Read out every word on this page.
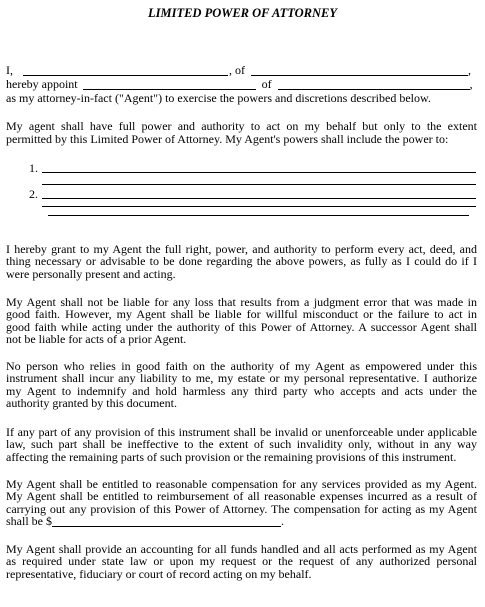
LIMITED POWER OF ATTORNEY
I,	, of	,
hereby appoint	of	,
as my attorney-in-fact ("Agent") to exercise the powers and discretions described below.
My agent shall have full power and authority to act on my behalf but only to the extent
permitted by this Limited Power of Attorney. My Agent's powers shall include the power to:
1.
2.
I hereby grant to my Agent the full right, power, and authority to perform every act, deed, and
thing necessary or advisable to be done regarding the above powers, as fully as I could do if I
were personally present and acting.
My Agent shall not be liable for any loss that results from a judgment error that was made in
good faith. However, my Agent shall be liable for willful misconduct or the failure to act in
good faith while acting under the authority of this Power of Attorney. A successor Agent shall
not be liable for acts of a prior Agent.
No person who relies in good faith on the authority of my Agent as empowered under this
instrument shall incur any liability to me, my estate or my personal representative. I authorize
my Agent to indemnify and hold harmless any third party who accepts and acts under the
authority granted by this document.
If any part of any provision of this instrument shall be invalid or unenforceable under applicable
law, such part shall be ineffective to the extent of such invalidity only, without in any way
affecting the remaining parts of such provision or the remaining provisions of this instrument.
My Agent shall be entitled to reasonable compensation for any services provided as my Agent.
My Agent shall be entitled to reimbursement of all reasonable expenses incurred as a result of
carrying out any provision of this Power of Attorney. The compensation for acting as my Agent
shall be $	.
My Agent shall provide an accounting for all funds handled and all acts performed as my Agent
as required under state law or upon my request or the request of any authorized personal
representative, fiduciary or court of record acting on my behalf.
